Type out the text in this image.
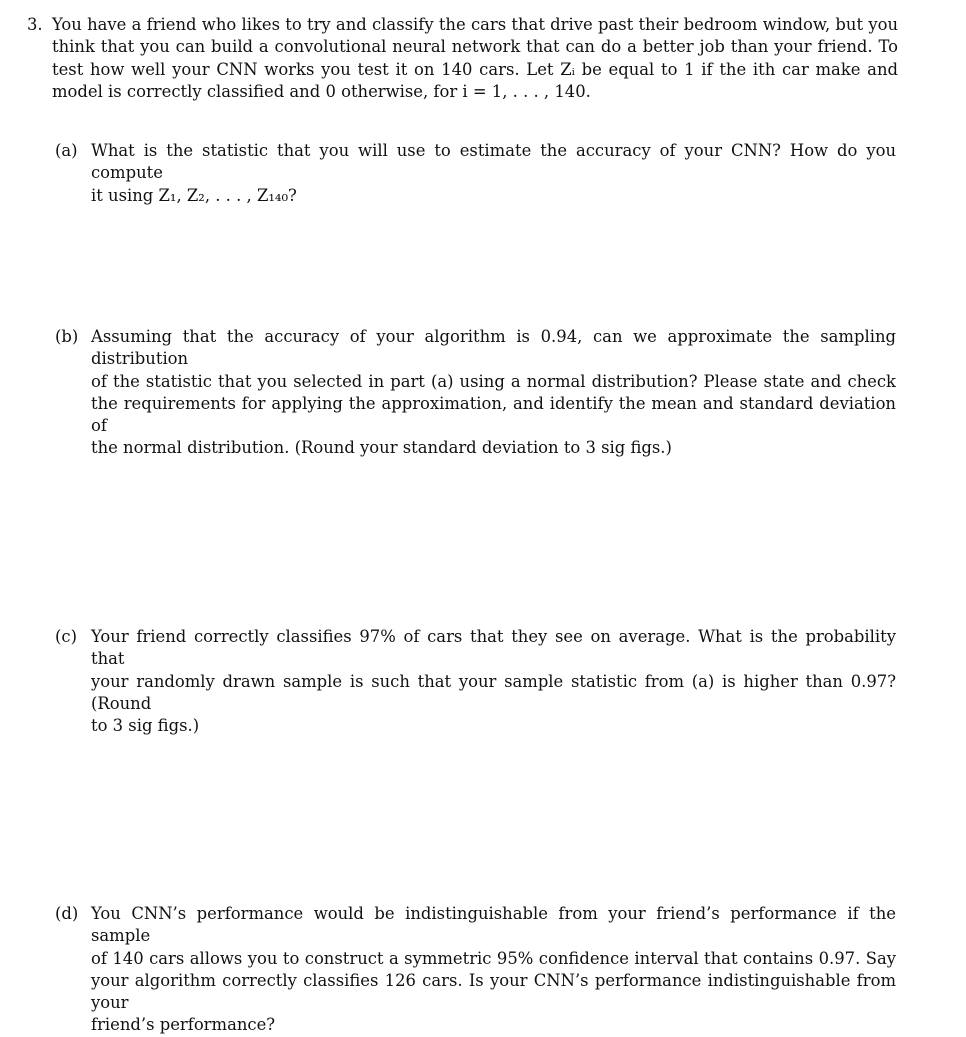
3. You have a friend who likes to try and classify the cars that drive past their bedroom window, but you
think that you can build a convolutional neural network that can do a better job than your friend. To
test how well your CNN works you test it on 140 cars. Let Zᵢ be equal to 1 if the ith car make and
model is correctly classified and 0 otherwise, for i = 1, . . . , 140.
(a) What is the statistic that you will use to estimate the accuracy of your CNN? How do you compute
it using Z₁, Z₂, . . . , Z₁₄₀?
(b) Assuming that the accuracy of your algorithm is 0.94, can we approximate the sampling distribution
of the statistic that you selected in part (a) using a normal distribution? Please state and check
the requirements for applying the approximation, and identify the mean and standard deviation of
the normal distribution. (Round your standard deviation to 3 sig figs.)
(c) Your friend correctly classifies 97% of cars that they see on average. What is the probability that
your randomly drawn sample is such that your sample statistic from (a) is higher than 0.97? (Round
to 3 sig figs.)
(d) You CNN’s performance would be indistinguishable from your friend’s performance if the sample
of 140 cars allows you to construct a symmetric 95% confidence interval that contains 0.97. Say
your algorithm correctly classifies 126 cars. Is your CNN’s performance indistinguishable from your
friend’s performance?
